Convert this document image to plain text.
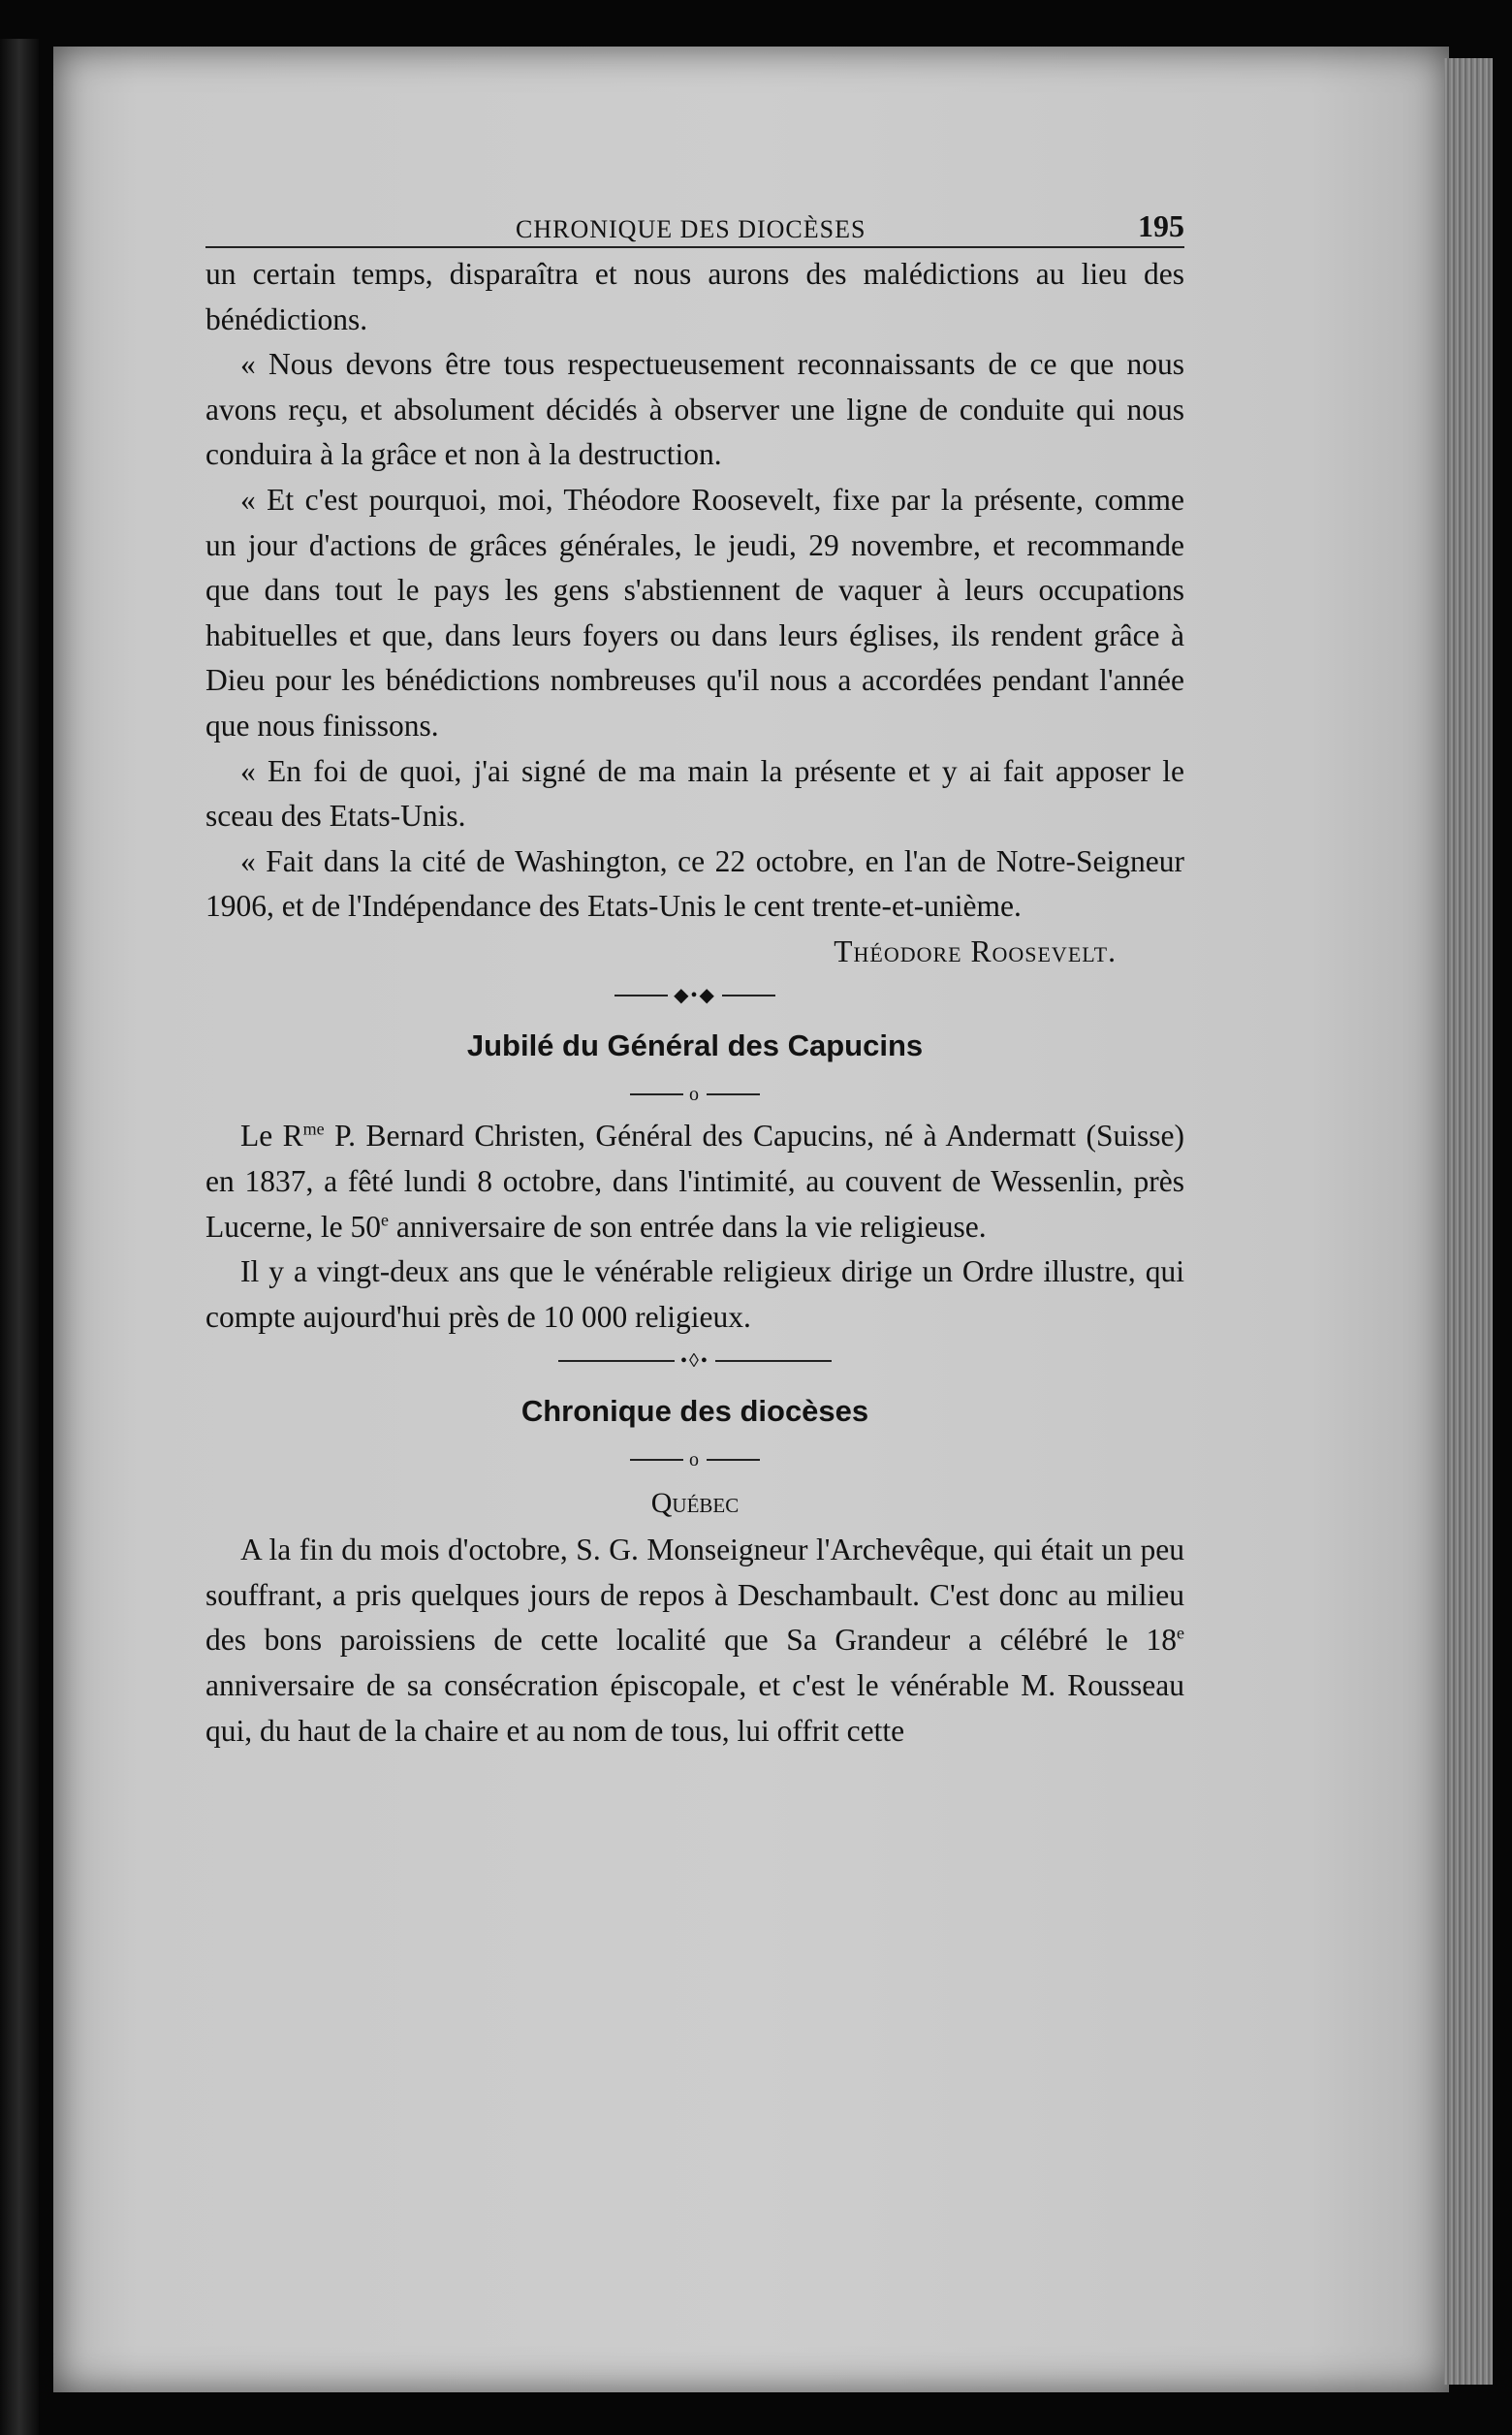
CHRONIQUE DES DIOCÈSES	195

un certain temps, disparaîtra et nous aurons des malédictions au lieu des bénédictions.

« Nous devons être tous respectueusement reconnaissants de ce que nous avons reçu, et absolument décidés à observer une ligne de conduite qui nous conduira à la grâce et non à la destruction.

« Et c'est pourquoi, moi, Théodore Roosevelt, fixe par la présente, comme un jour d'actions de grâces générales, le jeudi, 29 novembre, et recommande que dans tout le pays les gens s'abstiennent de vaquer à leurs occupations habituelles et que, dans leurs foyers ou dans leurs églises, ils rendent grâce à Dieu pour les bénédictions nombreuses qu'il nous a accordées pendant l'année que nous finissons.

« En foi de quoi, j'ai signé de ma main la présente et y ai fait apposer le sceau des Etats-Unis.

« Fait dans la cité de Washington, ce 22 octobre, en l'an de Notre-Seigneur 1906, et de l'Indépendance des Etats-Unis le cent trente-et-unième.

Théodore Roosevelt.

◆•◆
Jubilé du Général des Capucins
o

Le $R^{me}$ P. Bernard Christen, Général des Capucins, né à Andermatt (Suisse) en 1837, a fêté lundi 8 octobre, dans l'intimité, au couvent de Wessenlin, près Lucerne, le 50e anniversaire de son entrée dans la vie religieuse.

Il y a vingt-deux ans que le vénérable religieux dirige un Ordre illustre, qui compte aujourd'hui près de 10 000 religieux.

•◊•
Chronique des diocèses
o
Québec

A la fin du mois d'octobre, S. G. Monseigneur l'Archevêque, qui était un peu souffrant, a pris quelques jours de repos à Deschambault. C'est donc au milieu des bons paroissiens de cette localité que Sa Grandeur a célébré le 18e anniversaire de sa consécration épiscopale, et c'est le vénérable M. Rousseau qui, du haut de la chaire et au nom de tous, lui offrit cette
